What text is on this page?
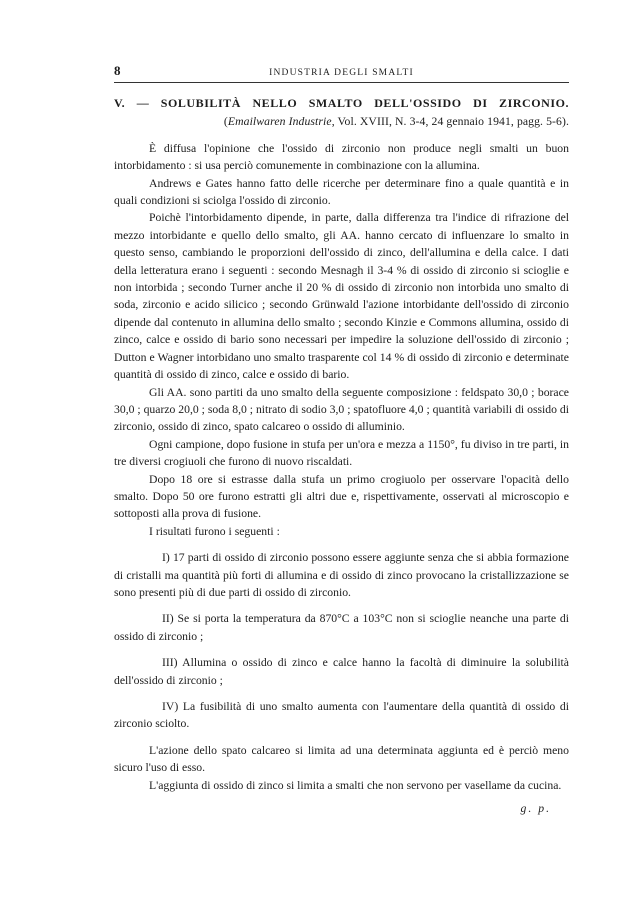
8	INDUSTRIA DEGLI SMALTI
V. — SOLUBILITÀ NELLO SMALTO DELL'OSSIDO DI ZIRCONIO.
(Emailwaren Industrie, Vol. XVIII, N. 3-4, 24 gennaio 1941, pagg. 5-6).

È diffusa l'opinione che l'ossido di zirconio non produce negli smalti un buon intorbidamento : si usa perciò comunemente in combinazione con la allumina.

Andrews e Gates hanno fatto delle ricerche per determinare fino a quale quantità e in quali condizioni si sciolga l'ossido di zirconio.

Poichè l'intorbidamento dipende, in parte, dalla differenza tra l'indice di rifrazione del mezzo intorbidante e quello dello smalto, gli AA. hanno cercato di influenzare lo smalto in questo senso, cambiando le proporzioni dell'ossido di zinco, dell'allumina e della calce. I dati della letteratura erano i seguenti : secondo Mesnagh il 3-4 % di ossido di zirconio si scioglie e non intorbida ; secondo Turner anche il 20 % di ossido di zirconio non intorbida uno smalto di soda, zirconio e acido silicico ; secondo Grünwald l'azione intorbidante dell'ossido di zirconio dipende dal contenuto in allumina dello smalto ; secondo Kinzie e Commons allumina, ossido di zinco, calce e ossido di bario sono necessari per impedire la soluzione dell'ossido di zirconio ; Dutton e Wagner intorbidano uno smalto trasparente col 14 % di ossido di zirconio e determinate quantità di ossido di zinco, calce e ossido di bario.

Gli AA. sono partiti da uno smalto della seguente composizione : feldspato 30,0 ; borace 30,0 ; quarzo 20,0 ; soda 8,0 ; nitrato di sodio 3,0 ; spatofluore 4,0 ; quantità variabili di ossido di zirconio, ossido di zinco, spato calcareo o ossido di alluminio.

Ogni campione, dopo fusione in stufa per un'ora e mezza a 1150°, fu diviso in tre parti, in tre diversi crogiuoli che furono di nuovo riscaldati.

Dopo 18 ore si estrasse dalla stufa un primo crogiuolo per osservare l'opacità dello smalto. Dopo 50 ore furono estratti gli altri due e, rispettivamente, osservati al microscopio e sottoposti alla prova di fusione.

I risultati furono i seguenti :

I) 17 parti di ossido di zirconio possono essere aggiunte senza che si abbia formazione di cristalli ma quantità più forti di allumina e di ossido di zinco provocano la cristallizzazione se sono presenti più di due parti di ossido di zirconio.

II) Se si porta la temperatura da 870°C a 103°C non si scioglie neanche una parte di ossido di zirconio ;

III) Allumina o ossido di zinco e calce hanno la facoltà di diminuire la solubilità dell'ossido di zirconio ;

IV) La fusibilità di uno smalto aumenta con l'aumentare della quantità di ossido di zirconio sciolto.

L'azione dello spato calcareo si limita ad una determinata aggiunta ed è perciò meno sicuro l'uso di esso.

L'aggiunta di ossido di zinco si limita a smalti che non servono per vasellame da cucina.

g. p.
